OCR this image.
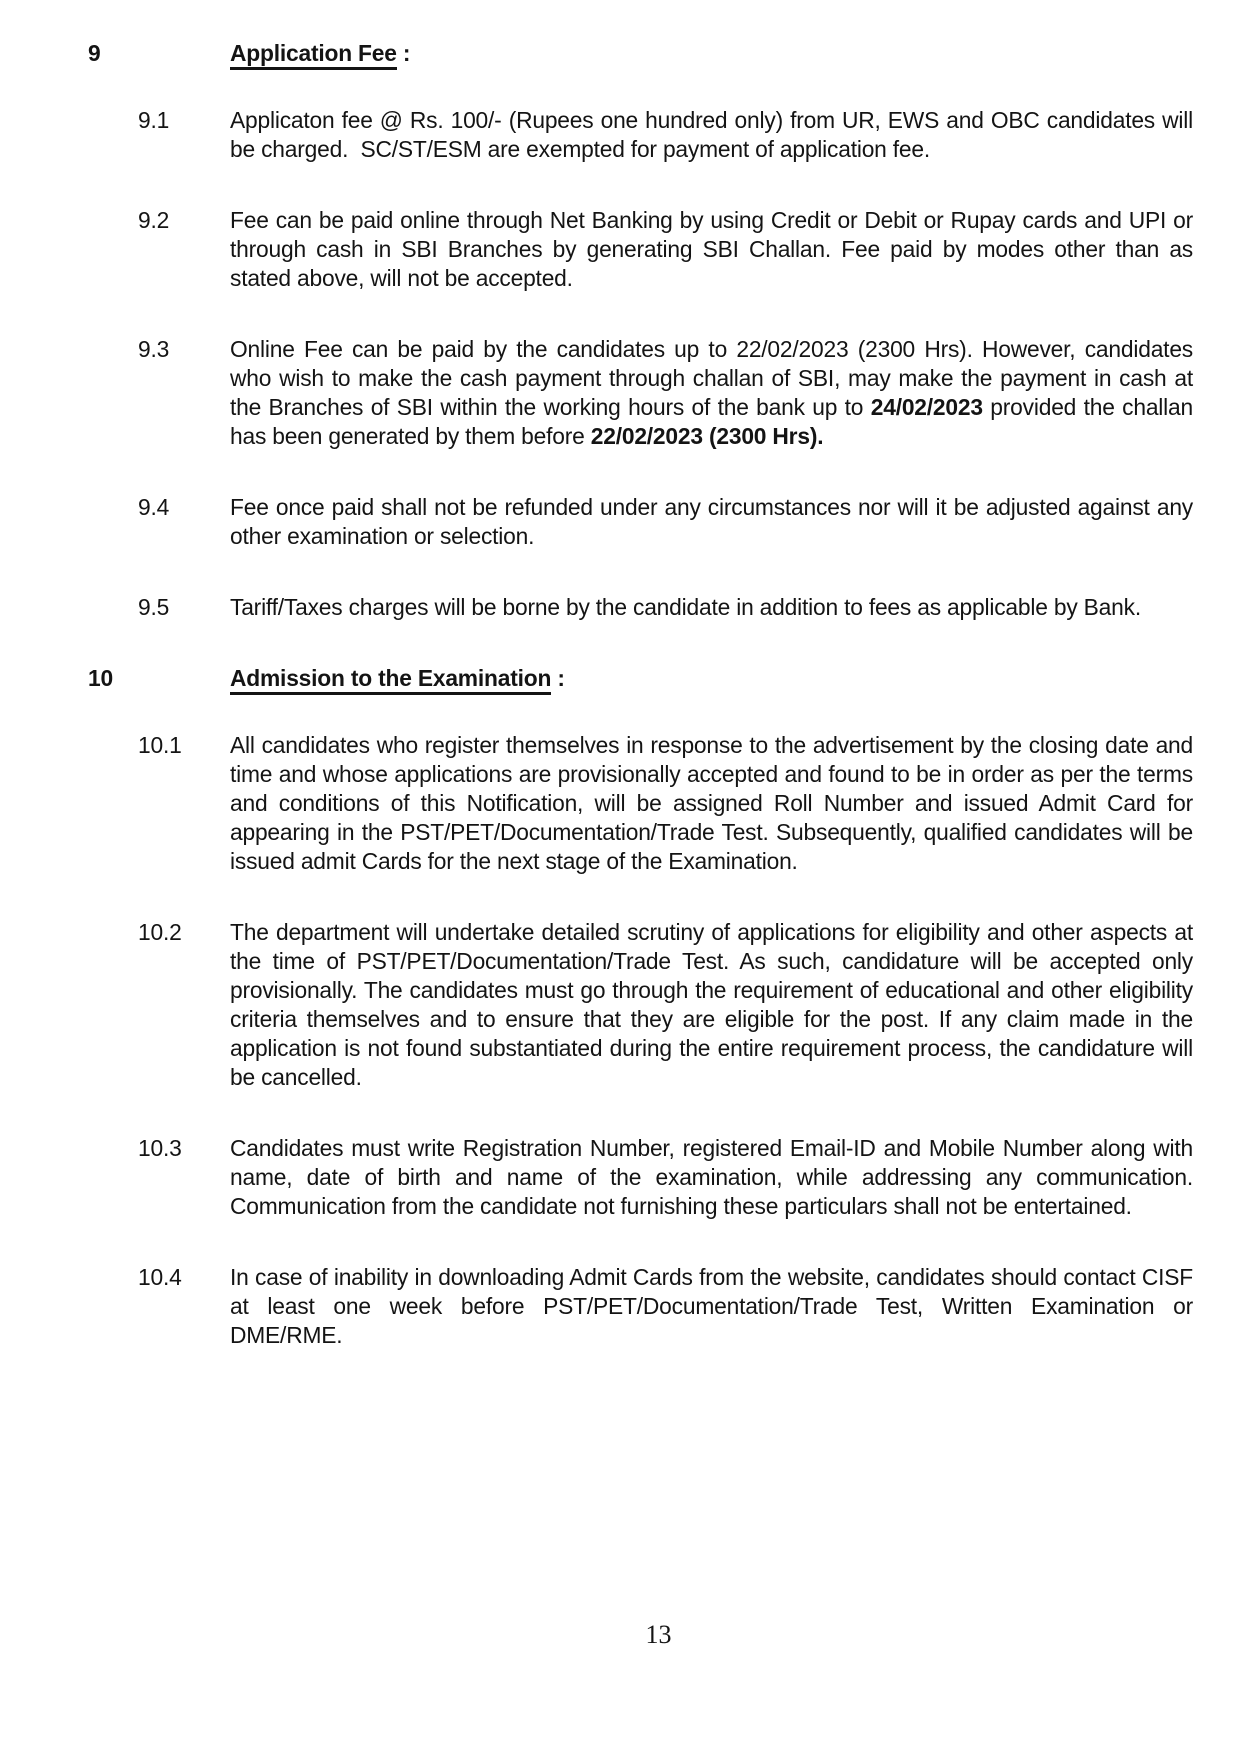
9	Application Fee :
9.1	Applicaton fee @ Rs. 100/- (Rupees one hundred only) from UR, EWS and OBC candidates will be charged.  SC/ST/ESM are exempted for payment of application fee.

9.2	Fee can be paid online through Net Banking by using Credit or Debit or Rupay cards and UPI or through cash in SBI Branches by generating SBI Challan. Fee paid by modes other than as stated above, will not be accepted.

9.3	Online Fee can be paid by the candidates up to 22/02/2023 (2300 Hrs). However, candidates who wish to make the cash payment through challan of SBI, may make the payment in cash at the Branches of SBI within the working hours of the bank up to 24/02/2023 provided the challan has been generated by them before 22/02/2023 (2300 Hrs).

9.4	Fee once paid shall not be refunded under any circumstances nor will it be adjusted against any other examination or selection.

9.5	Tariff/Taxes charges will be borne by the candidate in addition to fees as applicable by Bank.

10	Admission to the Examination :
10.1	All candidates who register themselves in response to the advertisement by the closing date and time and whose applications are provisionally accepted and found to be in order as per the terms and conditions of this Notification, will be assigned Roll Number and issued Admit Card for appearing in the PST/PET/Documentation/Trade Test. Subsequently, qualified candidates will be issued admit Cards for the next stage of the Examination.

10.2	The department will undertake detailed scrutiny of applications for eligibility and other aspects at the time of PST/PET/Documentation/Trade Test. As such, candidature will be accepted only provisionally. The candidates must go through the requirement of educational and other eligibility criteria themselves and to ensure that they are eligible for the post. If any claim made in the application is not found substantiated during the entire requirement process, the candidature will be cancelled.

10.3	Candidates must write Registration Number, registered Email-ID and Mobile Number along with name, date of birth and name of the examination, while addressing any communication. Communication from the candidate not furnishing these particulars shall not be entertained.

10.4	In case of inability in downloading Admit Cards from the website, candidates should contact CISF at least one week before PST/PET/Documentation/Trade Test, Written Examination or DME/RME.

13
